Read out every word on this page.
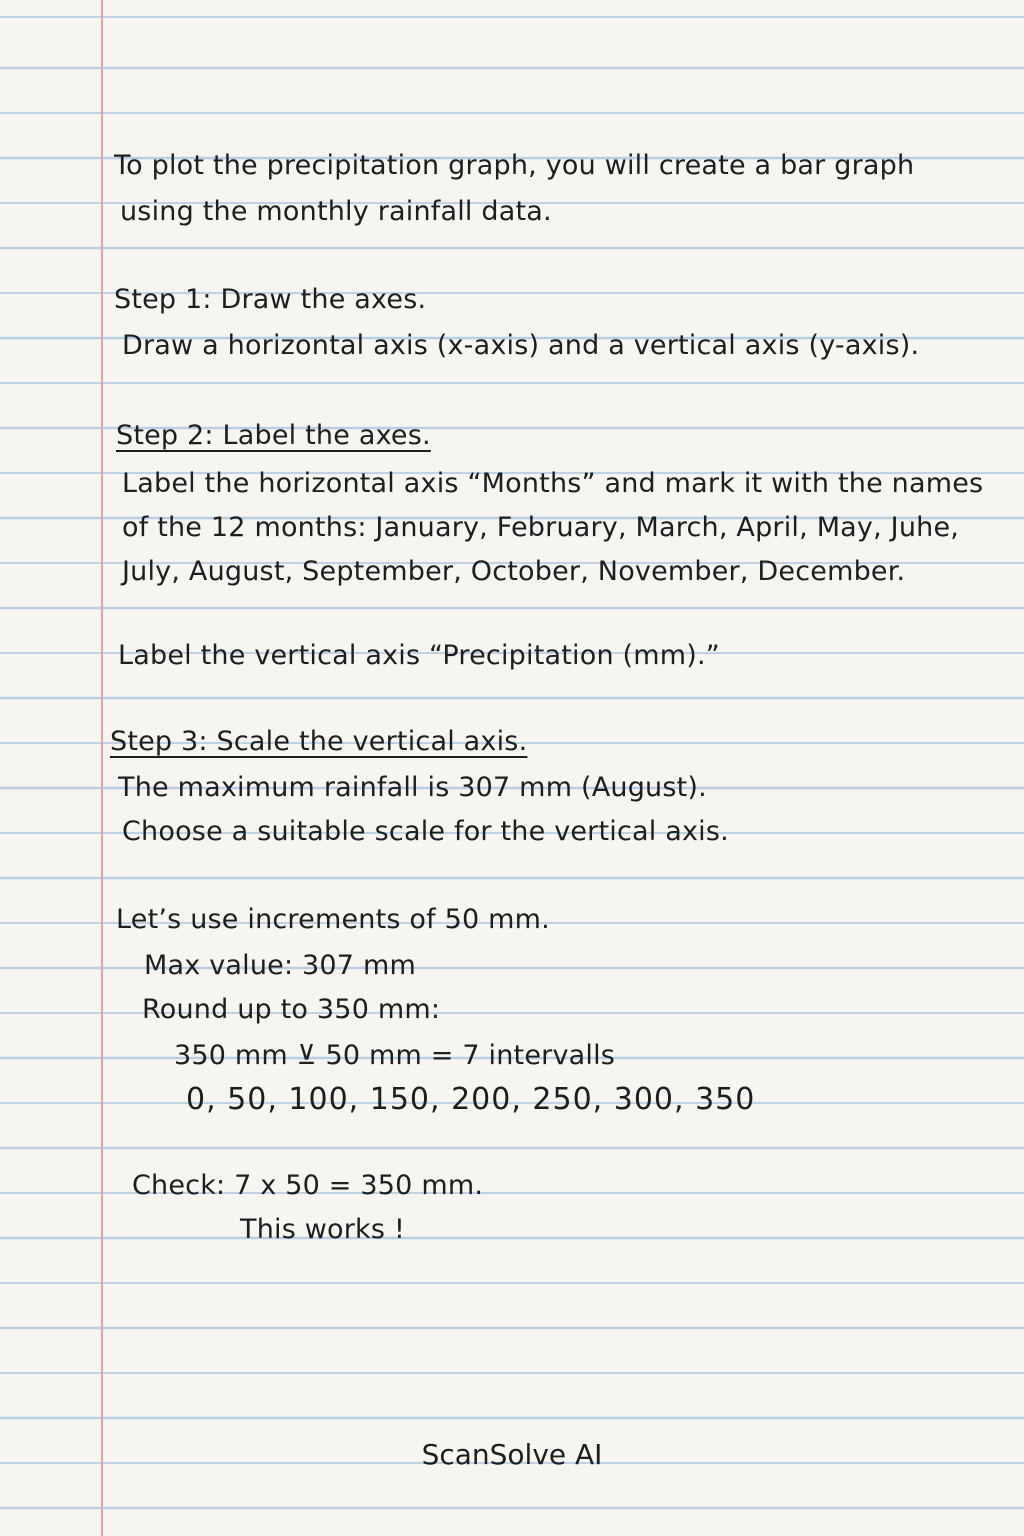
To plot the precipitation graph, you will create a bar graph
using the monthly rainfall data.
Step 1: Draw the axes.
Draw a horizontal axis (x-axis) and a vertical axis (y-axis).
Step 2: Label the axes.
Label the horizontal axis “Months” and mark it with the names
of the 12 months: January, February, March, April, May, Juhe,
July, August, September, October, November, December.
Label the vertical axis “Precipitation (mm).”
Step 3: Scale the vertical axis.
The maximum rainfall is 307 mm (August).
Choose a suitable scale for the vertical axis.
Let’s use increments of 50 mm.
Max value: 307 mm
Round up to 350 mm:
350 mm ⊻ 50 mm = 7 intervalls
0, 50, 100, 150, 200, 250, 300, 350
Check: 7 x 50 = 350 mm.
This works !
ScanSolve AI
